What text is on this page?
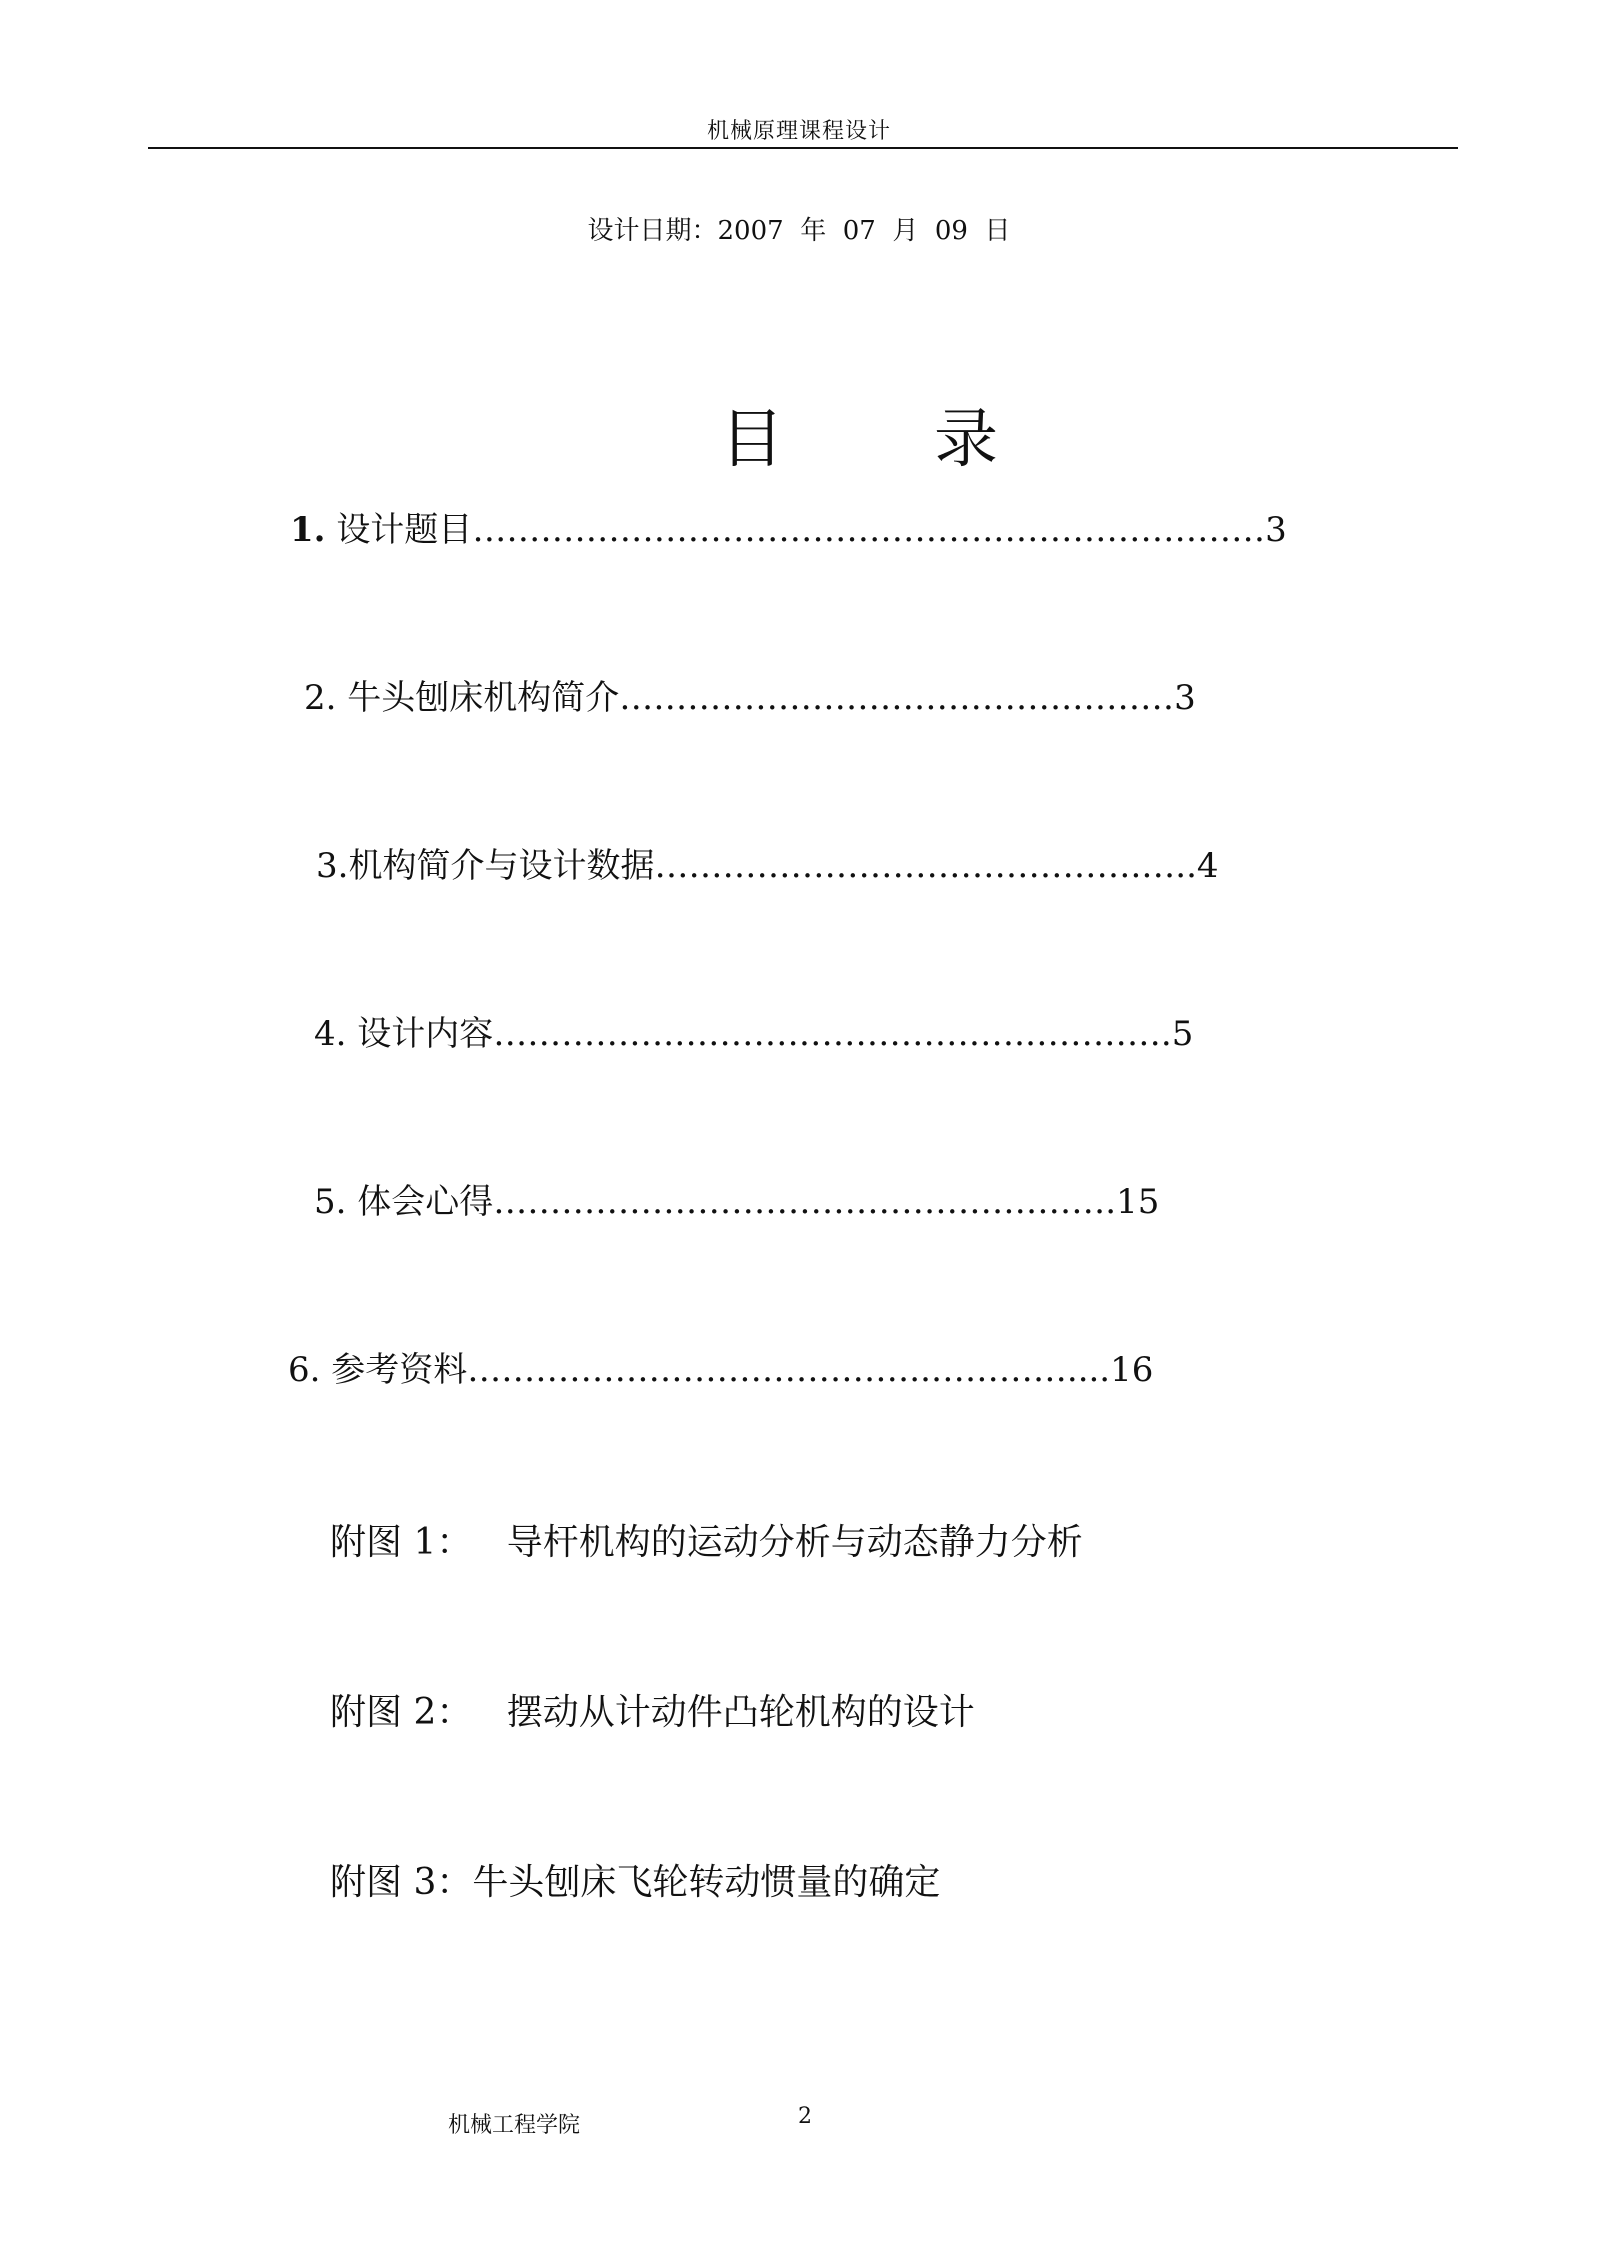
机械原理课程设计
设计日期：2007  年  07  月  09  日
目 录
1. 设计题目……………………………………….……………………3
2. 牛头刨床机构简介………………………………….………3
3.机构简介与设计数据…………………………………….…..4
4. 设计内容…………….………………………….………….5
5. 体会心得……………………………………………….15
6. 参考资料…………………………………..…………....16
附图 1： 导杆机构的运动分析与动态静力分析
附图 2： 摆动从计动件凸轮机构的设计
附图 3：牛头刨床飞轮转动惯量的确定
机械工程学院	2
